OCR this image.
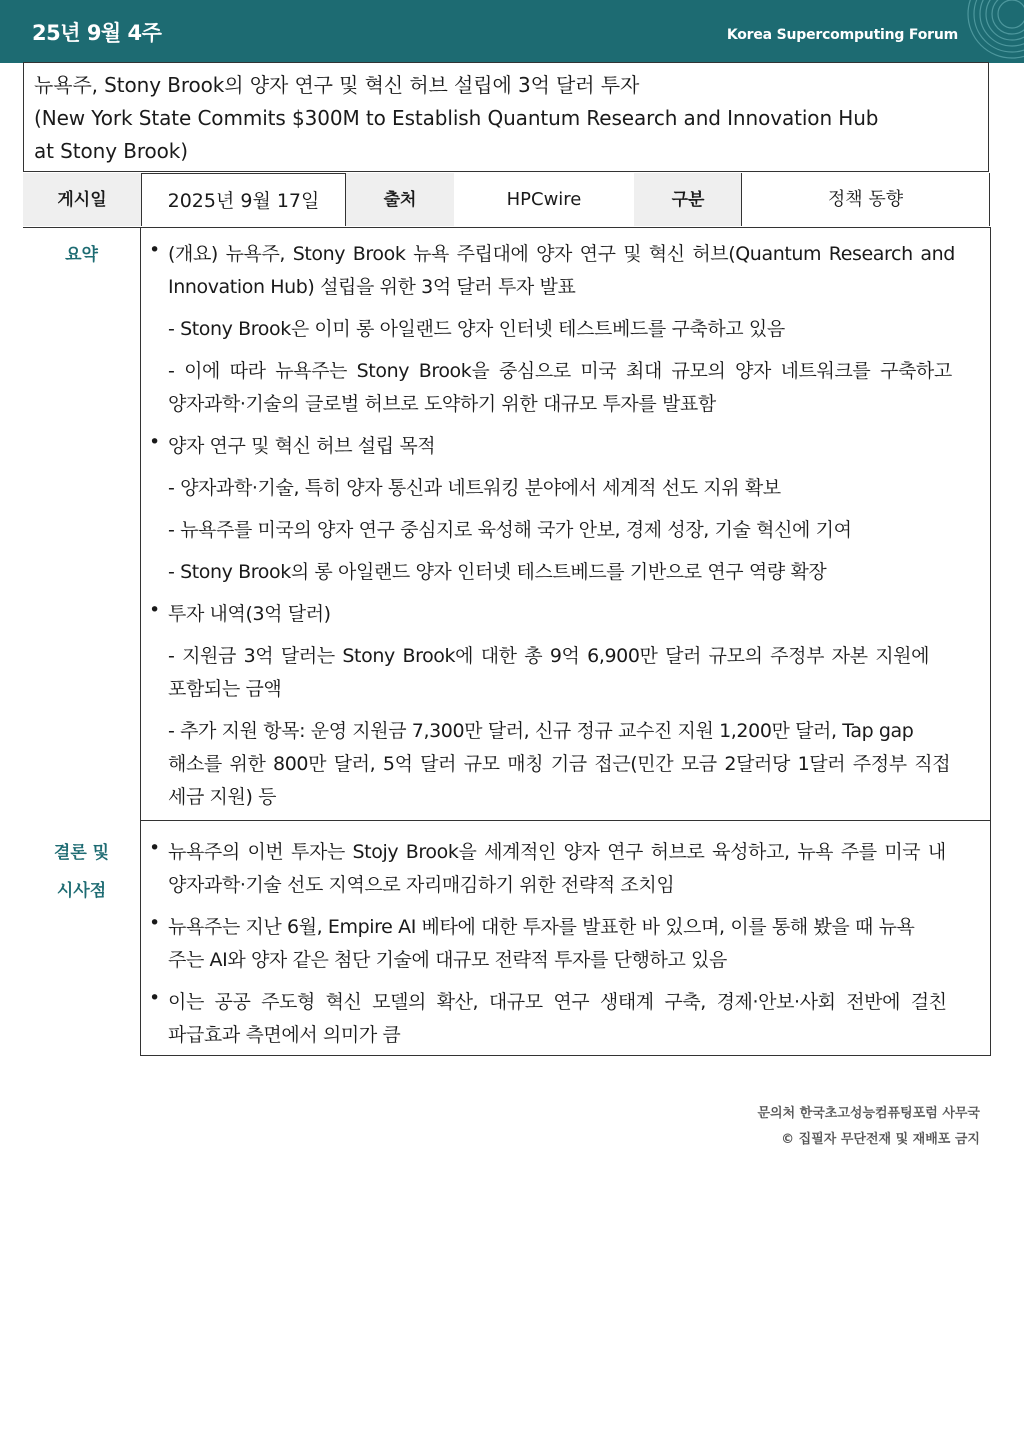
25년 9월 4주	Korea Supercomputing Forum
뉴욕주, Stony Brook의 양자 연구 및 혁신 허브 설립에 3억 달러 투자
(New York State Commits $300M to Establish Quantum Research and Innovation Hub
at Stony Brook)
게시일	2025년 9월 17일	출처	HPCwire	구분	정책 동향
요약
•	(개요) 뉴욕주, Stony Brook 뉴욕 주립대에 양자 연구 및 혁신 허브(Quantum Research and
Innovation Hub) 설립을 위한 3억 달러 투자 발표
- Stony Brook은 이미 롱 아일랜드 양자 인터넷 테스트베드를 구축하고 있음
- 이에 따라 뉴욕주는 Stony Brook을 중심으로 미국 최대 규모의 양자 네트워크를 구축하고
양자과학·기술의 글로벌 허브로 도약하기 위한 대규모 투자를 발표함
• 양자 연구 및 혁신 허브 설립 목적
- 양자과학·기술, 특히 양자 통신과 네트워킹 분야에서 세계적 선도 지위 확보
- 뉴욕주를 미국의 양자 연구 중심지로 육성해 국가 안보, 경제 성장, 기술 혁신에 기여
- Stony Brook의 롱 아일랜드 양자 인터넷 테스트베드를 기반으로 연구 역량 확장
• 투자 내역(3억 달러)
- 지원금 3억 달러는 Stony Brook에 대한 총 9억 6,900만 달러 규모의 주정부 자본 지원에
포함되는 금액
- 추가 지원 항목: 운영 지원금 7,300만 달러, 신규 정규 교수진 지원 1,200만 달러, Tap gap
해소를 위한 800만 달러, 5억 달러 규모 매칭 기금 접근(민간 모금 2달러당 1달러 주정부 직접
세금 지원) 등
결론 및
시사점
• 뉴욕주의 이번 투자는 Stojy Brook을 세계적인 양자 연구 허브로 육성하고, 뉴욕 주를 미국 내
양자과학·기술 선도 지역으로 자리매김하기 위한 전략적 조치임
• 뉴욕주는 지난 6월, Empire AI 베타에 대한 투자를 발표한 바 있으며, 이를 통해 봤을 때 뉴욕
주는 AI와 양자 같은 첨단 기술에 대규모 전략적 투자를 단행하고 있음
• 이는 공공 주도형 혁신 모델의 확산, 대규모 연구 생태계 구축, 경제·안보·사회 전반에 걸친
파급효과 측면에서 의미가 큼
문의처 한국초고성능컴퓨팅포럼 사무국
© 집필자 무단전재 및 재배포 금지
